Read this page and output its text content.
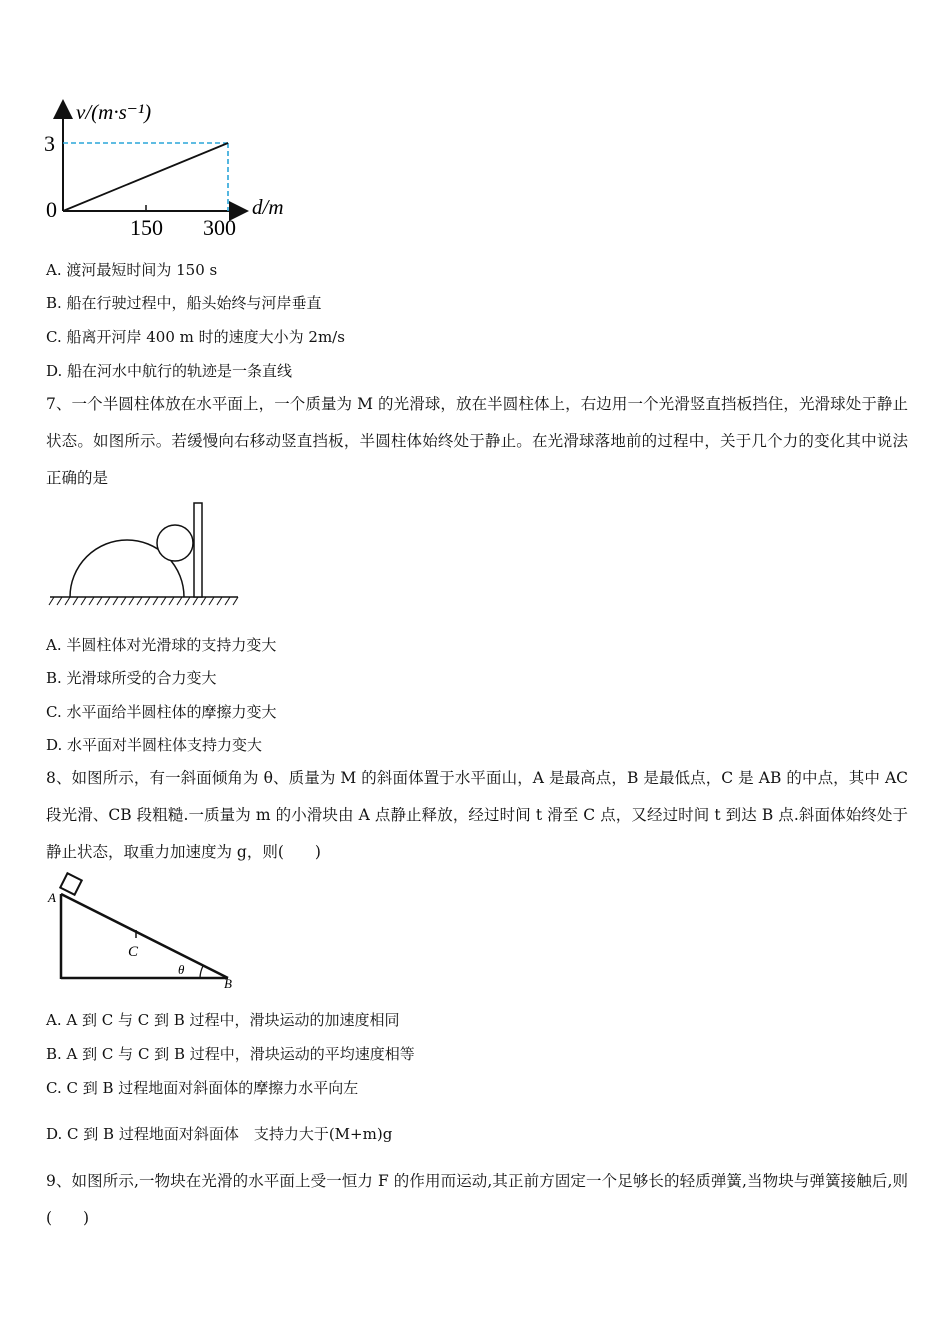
v/(m·s⁻¹)
3
0
150 300
d/m
A. 渡河最短时间为 150 s
B. 船在行驶过程中，船头始终与河岸垂直
C. 船离开河岸 400 m 时的速度大小为 2m/s
D. 船在河水中航行的轨迹是一条直线
7、一个半圆柱体放在水平面上，一个质量为 M 的光滑球，放在半圆柱体上，右边用一个光滑竖直挡板挡住，光滑球处于静止状态。如图所示。若缓慢向右移动竖直挡板，半圆柱体始终处于静止。在光滑球落地前的过程中，关于几个力的变化其中说法正确的是
A. 半圆柱体对光滑球的支持力变大
B. 光滑球所受的合力变大
C. 水平面给半圆柱体的摩擦力变大
D. 水平面对半圆柱体支持力变大
8、如图所示，有一斜面倾角为 θ、质量为 M 的斜面体置于水平面山，A 是最高点，B 是最低点，C 是 AB 的中点，其中 AC 段光滑、CB 段粗糙.一质量为 m 的小滑块由 A 点静止释放，经过时间 t 滑至 C 点，又经过时间 t 到达 B 点.斜面体始终处于静止状态，取重力加速度为 g，则(　　)
A
C
θ
B
A. A 到 C 与 C 到 B 过程中，滑块运动的加速度相同
B. A 到 C 与 C 到 B 过程中，滑块运动的平均速度相等
C. C 到 B 过程地面对斜面体的摩擦力水平向左
D. C 到 B 过程地面对斜面体　支持力大于(M+m)g
9、如图所示,一物块在光滑的水平面上受一恒力 F 的作用而运动,其正前方固定一个足够长的轻质弹簧,当物块与弹簧接触后,则(　　)
